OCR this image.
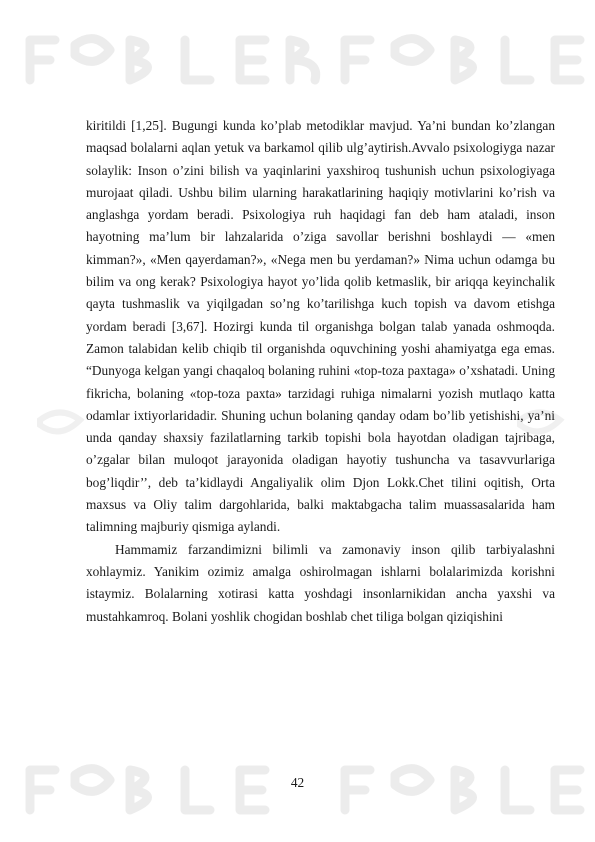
kiritildi [1,25]. Bugungi kunda ko’plab metodiklar mavjud. Ya’ni bundan ko’zlangan maqsad bolalarni aqlan yetuk va barkamol qilib ulg’aytirish.Avvalo psixologiyga nazar solaylik: Inson o’zini bilish va yaqinlarini yaxshiroq tushunish uchun psixologiyaga murojaat qiladi. Ushbu bilim ularning harakatlarining haqiqiy motivlarini ko’rish va anglashga yordam beradi. Psixologiya ruh haqidagi fan deb ham ataladi, inson hayotning ma’lum bir lahzalarida o’ziga savollar berishni boshlaydi — «men kimman?», «Men qayerdaman?», «Nega men bu yerdaman?» Nima uchun odamga bu bilim va ong kerak? Psixologiya hayot yo’lida qolib ketmaslik, bir ariqqa keyinchalik qayta tushmaslik va yiqilgadan so’ng ko’tarilishga kuch topish va davom etishga yordam beradi [3,67]. Hozirgi kunda til organishga bolgan talab yanada oshmoqda. Zamon talabidan kelib chiqib til organishda oquvchining yoshi ahamiyatga ega emas. “Dunyoga kelgan yangi chaqaloq bolaning ruhini «top-toza paxtaga» o’xshatadi. Uning fikricha, bolaning «top-toza paxta» tarzidagi ruhiga nimalarni yozish mutlaqo katta odamlar ixtiyorlaridadir. Shuning uchun bolaning qanday odam bo’lib yetishishi, ya’ni unda qanday shaxsiy fazilatlarning tarkib topishi bola hayotdan oladigan tajribaga, o’zgalar bilan muloqot jarayonida oladigan hayotiy tushuncha va tasavvurlariga bog’liqdir’’, deb ta’kidlaydi Angaliyalik olim Djon Lokk.Chet tilini oqitish, Orta maxsus va Oliy talim dargohlarida, balki maktabgacha talim muassasalarida ham talimning majburiy qismiga aylandi.

Hammamiz farzandimizni bilimli va zamonaviy inson qilib tarbiyalashni xohlaymiz. Yanikim ozimiz amalga oshirolmagan ishlarni bolalarimizda korishni istaymiz. Bolalarning xotirasi katta yoshdagi insonlarnikidan ancha yaxshi va mustahkamroq. Bolani yoshlik chogidan boshlab chet tiliga bolgan qiziqishini

42
